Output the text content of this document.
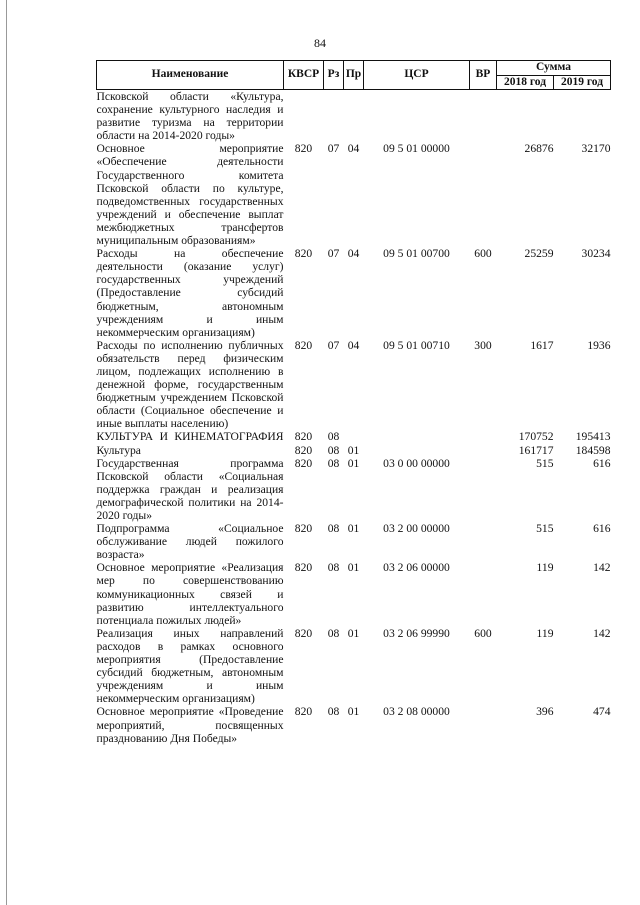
84
Наименование	КВСР	Рз	Пр	ЦСР	ВР	Сумма	
						2018 год	2019 год
Псковской области «Культура, сохранение культурного наследия и развитие туризма на территории области на 2014-2020 годы»							
Основное мероприятие «Обеспечение деятельности Государственного комитета Псковской области по культуре, подведомственных государственных учреждений и обеспечение выплат межбюджетных трансфертов муниципальным образованиям»	820	07	04	09 5 01 00000		26876	32170
Расходы на обеспечение деятельности (оказание услуг) государственных учреждений (Предоставление субсидий бюджетным, автономным учреждениям и иным некоммерческим организациям)	820	07	04	09 5 01 00700	600	25259	30234
Расходы по исполнению публичных обязательств перед физическим лицом, подлежащих исполнению в денежной форме, государственным бюджетным учреждением Псковской области (Социальное обеспечение и иные выплаты населению)	820	07	04	09 5 01 00710	300	1617	1936
КУЛЬТУРА И КИНЕМАТОГРАФИЯ	820	08				170752	195413
Культура	820	08	01			161717	184598
Государственная программа Псковской области «Социальная поддержка граждан и реализация демографической политики на 2014-2020 годы»	820	08	01	03 0 00 00000		515	616
Подпрограмма «Социальное обслуживание людей пожилого возраста»	820	08	01	03 2 00 00000		515	616
Основное мероприятие «Реализация мер по совершенствованию коммуникационных связей и развитию интеллектуального потенциала пожилых людей»	820	08	01	03 2 06 00000		119	142
Реализация иных направлений расходов в рамках основного мероприятия (Предоставление субсидий бюджетным, автономным учреждениям и иным некоммерческим организациям)	820	08	01	03 2 06 99990	600	119	142
Основное мероприятие «Проведение мероприятий, посвященных празднованию Дня Победы»	820	08	01	03 2 08 00000		396	474
